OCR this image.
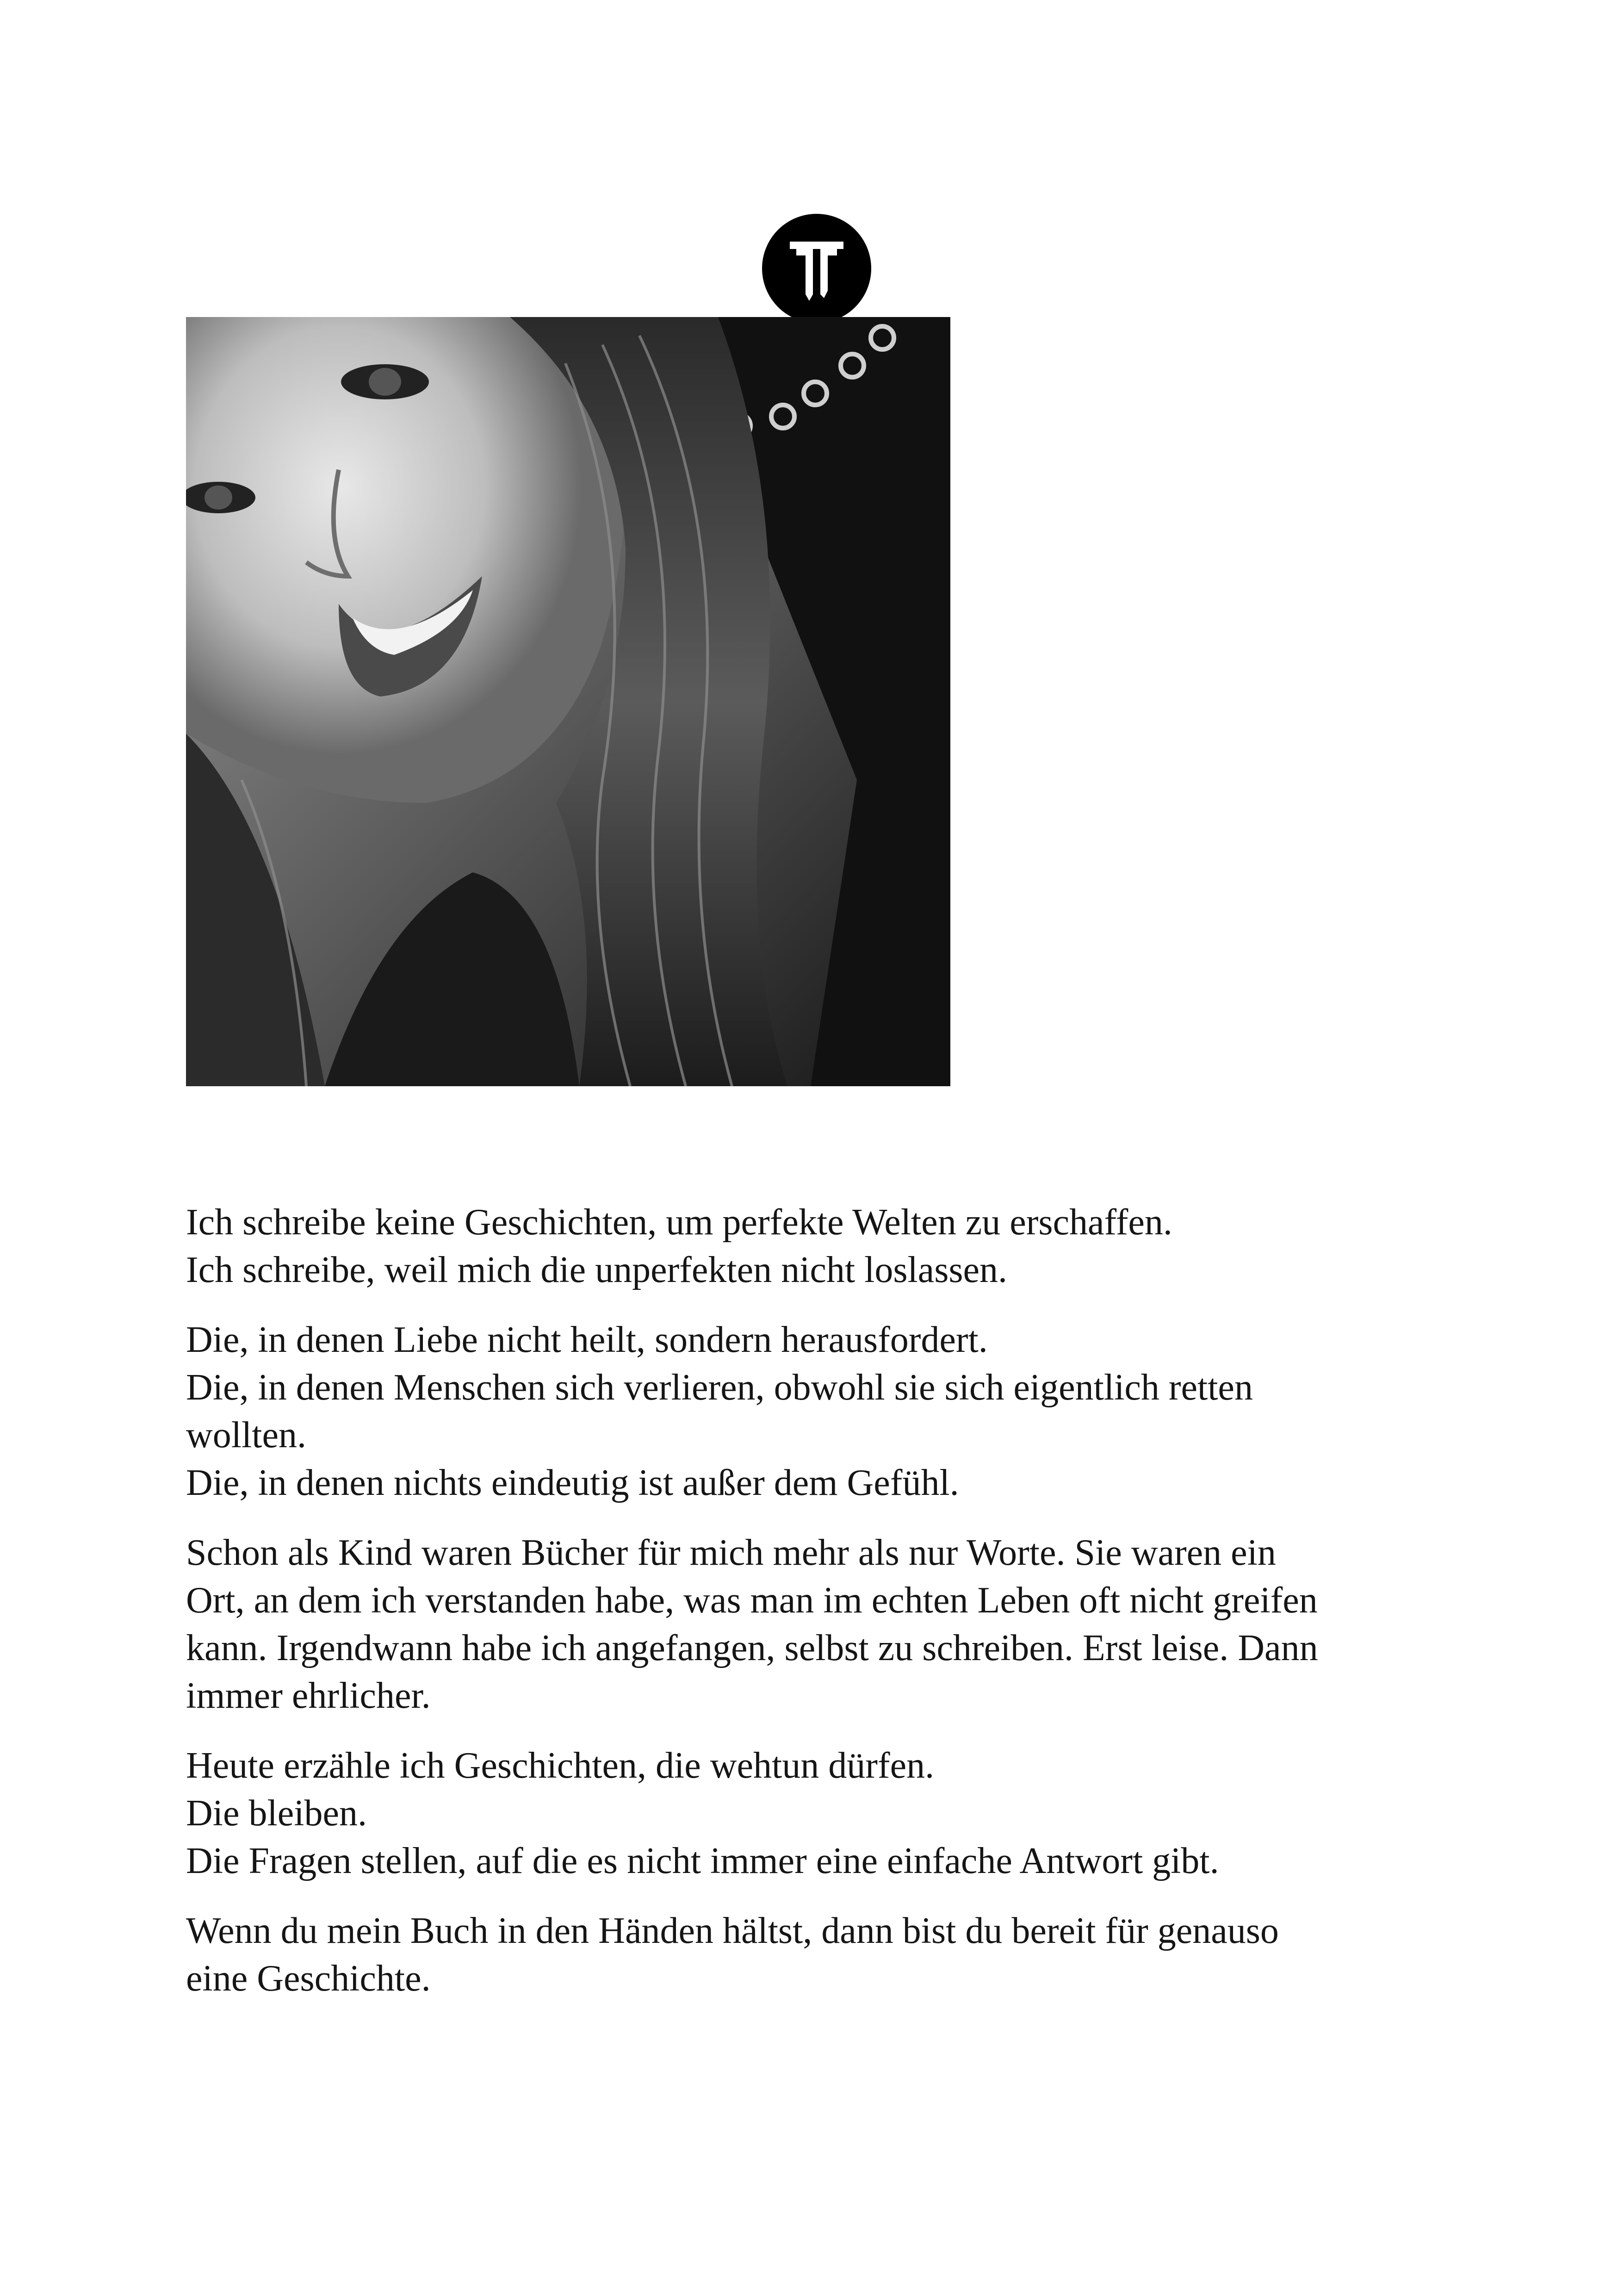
Ich schreibe keine Geschichten, um perfekte Welten zu erschaffen.
Ich schreibe, weil mich die unperfekten nicht loslassen.

Die, in denen Liebe nicht heilt, sondern herausfordert.
Die, in denen Menschen sich verlieren, obwohl sie sich eigentlich retten
wollten.
Die, in denen nichts eindeutig ist außer dem Gefühl.

Schon als Kind waren Bücher für mich mehr als nur Worte. Sie waren ein
Ort, an dem ich verstanden habe, was man im echten Leben oft nicht greifen
kann. Irgendwann habe ich angefangen, selbst zu schreiben. Erst leise. Dann
immer ehrlicher.

Heute erzähle ich Geschichten, die wehtun dürfen.
Die bleiben.
Die Fragen stellen, auf die es nicht immer eine einfache Antwort gibt.

Wenn du mein Buch in den Händen hältst, dann bist du bereit für genauso
eine Geschichte.
